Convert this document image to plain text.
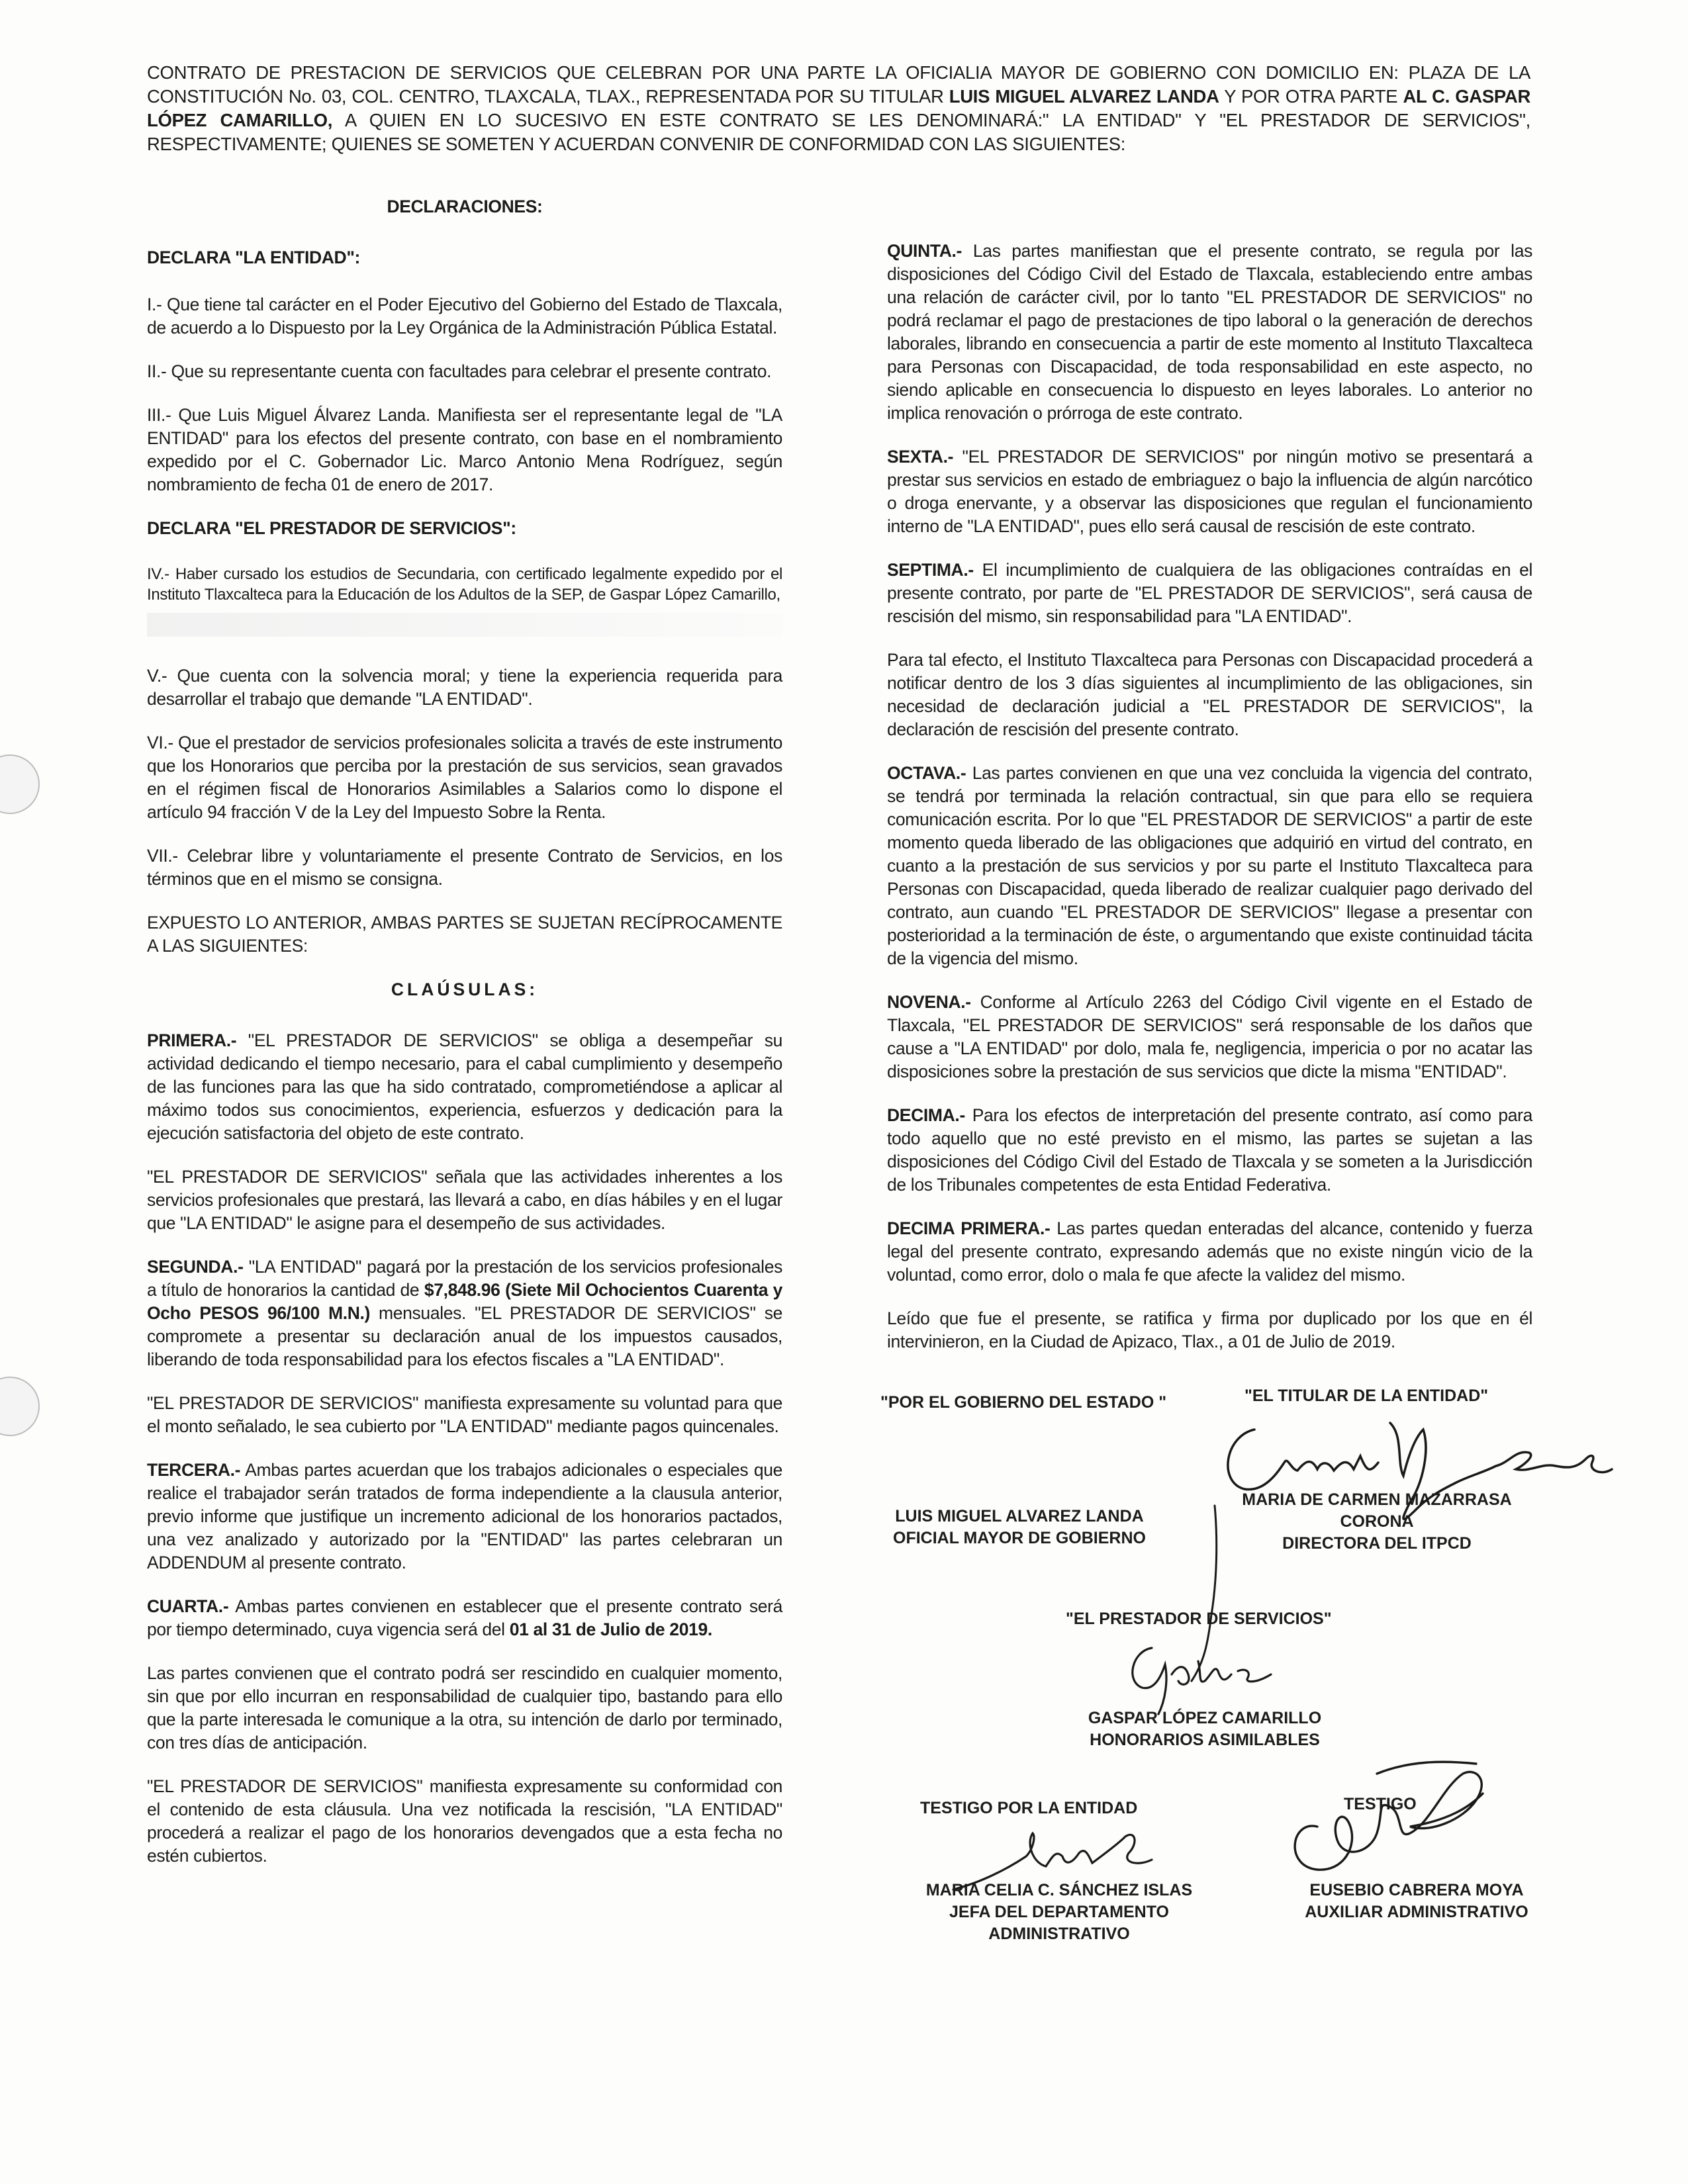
CONTRATO DE PRESTACION DE SERVICIOS QUE CELEBRAN POR UNA PARTE LA OFICIALIA MAYOR DE GOBIERNO CON DOMICILIO EN: PLAZA DE LA CONSTITUCIÓN No. 03, COL. CENTRO, TLAXCALA, TLAX., REPRESENTADA POR SU TITULAR LUIS MIGUEL ALVAREZ LANDA Y POR OTRA PARTE AL C. GASPAR LÓPEZ CAMARILLO, A QUIEN EN LO SUCESIVO EN ESTE CONTRATO SE LES DENOMINARÁ:" LA ENTIDAD" Y "EL PRESTADOR DE SERVICIOS", RESPECTIVAMENTE; QUIENES SE SOMETEN Y ACUERDAN CONVENIR DE CONFORMIDAD CON LAS SIGUIENTES:
DECLARACIONES:
DECLARA "LA ENTIDAD":

I.- Que tiene tal carácter en el Poder Ejecutivo del Gobierno del Estado de Tlaxcala, de acuerdo a lo Dispuesto por la Ley Orgánica de la Administración Pública Estatal.

II.- Que su representante cuenta con facultades para celebrar el presente contrato.

III.- Que Luis Miguel Álvarez Landa. Manifiesta ser el representante legal de "LA ENTIDAD" para los efectos del presente contrato, con base en el nombramiento expedido por el C. Gobernador Lic. Marco Antonio Mena Rodríguez, según nombramiento de fecha 01 de enero de 2017.

DECLARA "EL PRESTADOR DE SERVICIOS":

IV.- Haber cursado los estudios de Secundaria, con certificado legalmente expedido por el Instituto Tlaxcalteca para la Educación de los Adultos de la SEP, de Gaspar López Camarillo,

V.- Que cuenta con la solvencia moral; y tiene la experiencia requerida para desarrollar el trabajo que demande "LA ENTIDAD".

VI.- Que el prestador de servicios profesionales solicita a través de este instrumento que los Honorarios que perciba por la prestación de sus servicios, sean gravados en el régimen fiscal de Honorarios Asimilables a Salarios como lo dispone el artículo 94 fracción V de la Ley del Impuesto Sobre la Renta.

VII.- Celebrar libre y voluntariamente el presente Contrato de Servicios, en los términos que en el mismo se consigna.

EXPUESTO LO ANTERIOR, AMBAS PARTES SE SUJETAN RECÍPROCAMENTE A LAS SIGUIENTES:

CLAÚSULAS:

PRIMERA.- "EL PRESTADOR DE SERVICIOS" se obliga a desempeñar su actividad dedicando el tiempo necesario, para el cabal cumplimiento y desempeño de las funciones para las que ha sido contratado, comprometiéndose a aplicar al máximo todos sus conocimientos, experiencia, esfuerzos y dedicación para la ejecución satisfactoria del objeto de este contrato.

"EL PRESTADOR DE SERVICIOS" señala que las actividades inherentes a los servicios profesionales que prestará, las llevará a cabo, en días hábiles y en el lugar que "LA ENTIDAD" le asigne para el desempeño de sus actividades.

SEGUNDA.- "LA ENTIDAD" pagará por la prestación de los servicios profesionales a título de honorarios la cantidad de $7,848.96 (Siete Mil Ochocientos Cuarenta y Ocho PESOS 96/100 M.N.) mensuales. "EL PRESTADOR DE SERVICIOS" se compromete a presentar su declaración anual de los impuestos causados, liberando de toda responsabilidad para los efectos fiscales a "LA ENTIDAD".

"EL PRESTADOR DE SERVICIOS" manifiesta expresamente su voluntad para que el monto señalado, le sea cubierto por "LA ENTIDAD" mediante pagos quincenales.

TERCERA.- Ambas partes acuerdan que los trabajos adicionales o especiales que realice el trabajador serán tratados de forma independiente a la clausula anterior, previo informe que justifique un incremento adicional de los honorarios pactados, una vez analizado y autorizado por la "ENTIDAD" las partes celebraran un ADDENDUM al presente contrato.

CUARTA.- Ambas partes convienen en establecer que el presente contrato será por tiempo determinado, cuya vigencia será del 01 al 31 de Julio de 2019.

Las partes convienen que el contrato podrá ser rescindido en cualquier momento, sin que por ello incurran en responsabilidad de cualquier tipo, bastando para ello que la parte interesada le comunique a la otra, su intención de darlo por terminado, con tres días de anticipación.

"EL PRESTADOR DE SERVICIOS" manifiesta expresamente su conformidad con el contenido de esta cláusula. Una vez notificada la rescisión, "LA ENTIDAD" procederá a realizar el pago de los honorarios devengados que a esta fecha no estén cubiertos.

QUINTA.- Las partes manifiestan que el presente contrato, se regula por las disposiciones del Código Civil del Estado de Tlaxcala, estableciendo entre ambas una relación de carácter civil, por lo tanto "EL PRESTADOR DE SERVICIOS" no podrá reclamar el pago de prestaciones de tipo laboral o la generación de derechos laborales, librando en consecuencia a partir de este momento al Instituto Tlaxcalteca para Personas con Discapacidad, de toda responsabilidad en este aspecto, no siendo aplicable en consecuencia lo dispuesto en leyes laborales. Lo anterior no implica renovación o prórroga de este contrato.

SEXTA.- "EL PRESTADOR DE SERVICIOS" por ningún motivo se presentará a prestar sus servicios en estado de embriaguez o bajo la influencia de algún narcótico o droga enervante, y a observar las disposiciones que regulan el funcionamiento interno de "LA ENTIDAD", pues ello será causal de rescisión de este contrato.

SEPTIMA.- El incumplimiento de cualquiera de las obligaciones contraídas en el presente contrato, por parte de "EL PRESTADOR DE SERVICIOS", será causa de rescisión del mismo, sin responsabilidad para "LA ENTIDAD".

Para tal efecto, el Instituto Tlaxcalteca para Personas con Discapacidad procederá a notificar dentro de los 3 días siguientes al incumplimiento de las obligaciones, sin necesidad de declaración judicial a "EL PRESTADOR DE SERVICIOS", la declaración de rescisión del presente contrato.

OCTAVA.- Las partes convienen en que una vez concluida la vigencia del contrato, se tendrá por terminada la relación contractual, sin que para ello se requiera comunicación escrita. Por lo que "EL PRESTADOR DE SERVICIOS" a partir de este momento queda liberado de las obligaciones que adquirió en virtud del contrato, en cuanto a la prestación de sus servicios y por su parte el Instituto Tlaxcalteca para Personas con Discapacidad, queda liberado de realizar cualquier pago derivado del contrato, aun cuando "EL PRESTADOR DE SERVICIOS" llegase a presentar con posterioridad a la terminación de éste, o argumentando que existe continuidad tácita de la vigencia del mismo.

NOVENA.- Conforme al Artículo 2263 del Código Civil vigente en el Estado de Tlaxcala, "EL PRESTADOR DE SERVICIOS" será responsable de los daños que cause a "LA ENTIDAD" por dolo, mala fe, negligencia, impericia o por no acatar las disposiciones sobre la prestación de sus servicios que dicte la misma "ENTIDAD".

DECIMA.- Para los efectos de interpretación del presente contrato, así como para todo aquello que no esté previsto en el mismo, las partes se sujetan a las disposiciones del Código Civil del Estado de Tlaxcala y se someten a la Jurisdicción de los Tribunales competentes de esta Entidad Federativa.

DECIMA PRIMERA.- Las partes quedan enteradas del alcance, contenido y fuerza legal del presente contrato, expresando además que no existe ningún vicio de la voluntad, como error, dolo o mala fe que afecte la validez del mismo.

Leído que fue el presente, se ratifica y firma por duplicado por los que en él intervinieron, en la Ciudad de Apizaco, Tlax., a 01 de Julio de 2019.

"POR EL GOBIERNO DEL ESTADO "	"EL TITULAR DE LA ENTIDAD"
LUIS MIGUEL ALVAREZ LANDA
OFICIAL MAYOR DE GOBIERNO
MARIA DE CARMEN MAZARRASA
CORONA
DIRECTORA DEL ITPCD
"EL PRESTADOR DE SERVICIOS"
GASPAR LÓPEZ CAMARILLO
HONORARIOS ASIMILABLES
TESTIGO POR LA ENTIDAD	TESTIGO
MARIA CELIA C. SÁNCHEZ ISLAS
JEFA DEL DEPARTAMENTO
ADMINISTRATIVO
EUSEBIO CABRERA MOYA
AUXILIAR ADMINISTRATIVO
